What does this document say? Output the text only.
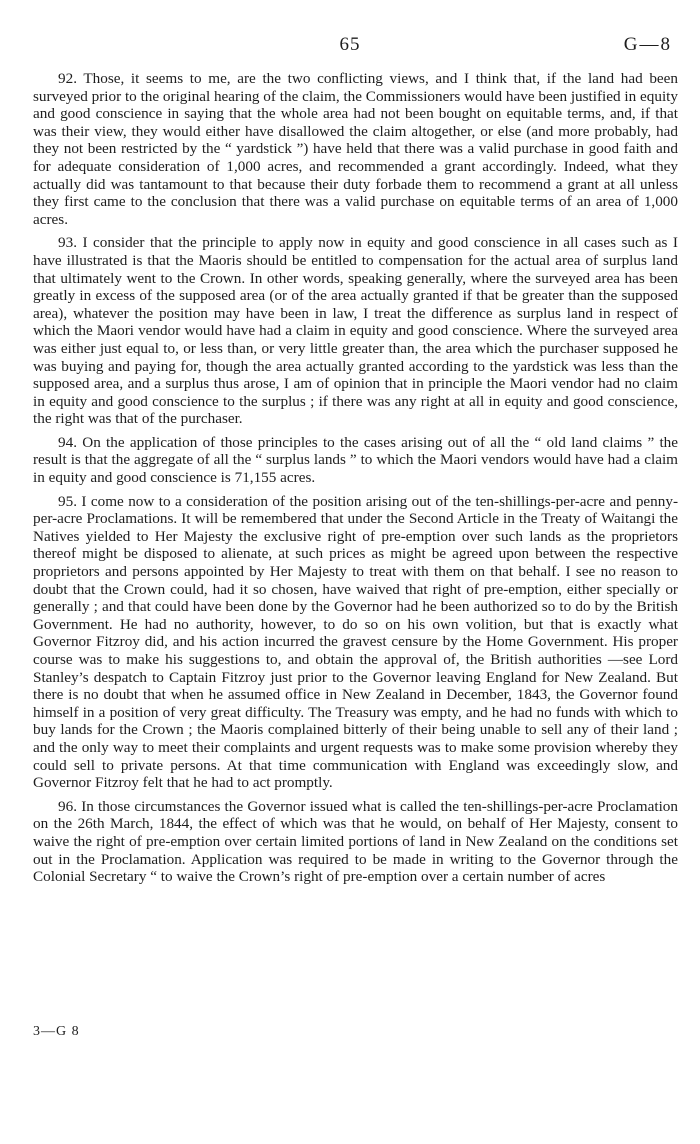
65	G—8

92. Those, it seems to me, are the two conflicting views, and I think that, if the land had been surveyed prior to the original hearing of the claim, the Commissioners would have been justified in equity and good conscience in saying that the whole area had not been bought on equitable terms, and, if that was their view, they would either have disallowed the claim altogether, or else (and more probably, had they not been restricted by the “ yardstick ”) have held that there was a valid purchase in good faith and for adequate consideration of 1,000 acres, and recommended a grant accordingly. Indeed, what they actually did was tantamount to that because their duty forbade them to recommend a grant at all unless they first came to the conclusion that there was a valid purchase on equitable terms of an area of 1,000 acres.

93. I consider that the principle to apply now in equity and good conscience in all cases such as I have illustrated is that the Maoris should be entitled to compensation for the actual area of surplus land that ultimately went to the Crown. In other words, speaking generally, where the surveyed area has been greatly in excess of the supposed area (or of the area actually granted if that be greater than the supposed area), whatever the position may have been in law, I treat the difference as surplus land in respect of which the Maori vendor would have had a claim in equity and good conscience. Where the surveyed area was either just equal to, or less than, or very little greater than, the area which the purchaser supposed he was buying and paying for, though the area actually granted according to the yardstick was less than the supposed area, and a surplus thus arose, I am of opinion that in principle the Maori vendor had no claim in equity and good conscience to the surplus ; if there was any right at all in equity and good conscience, the right was that of the purchaser.

94. On the application of those principles to the cases arising out of all the “ old land claims ” the result is that the aggregate of all the “ surplus lands ” to which the Maori vendors would have had a claim in equity and good conscience is 71,155 acres.

95. I come now to a consideration of the position arising out of the ten-shillings-per-acre and penny-per-acre Proclamations. It will be remembered that under the Second Article in the Treaty of Waitangi the Natives yielded to Her Majesty the exclusive right of pre-emption over such lands as the proprietors thereof might be disposed to alienate, at such prices as might be agreed upon between the respective proprietors and persons appointed by Her Majesty to treat with them on that behalf. I see no reason to doubt that the Crown could, had it so chosen, have waived that right of pre-emption, either specially or generally ; and that could have been done by the Governor had he been authorized so to do by the British Government. He had no authority, however, to do so on his own volition, but that is exactly what Governor Fitzroy did, and his action incurred the gravest censure by the Home Government. His proper course was to make his suggestions to, and obtain the approval of, the British authorities —see Lord Stanley’s despatch to Captain Fitzroy just prior to the Governor leaving England for New Zealand. But there is no doubt that when he assumed office in New Zealand in December, 1843, the Governor found himself in a position of very great difficulty. The Treasury was empty, and he had no funds with which to buy lands for the Crown ; the Maoris complained bitterly of their being unable to sell any of their land ; and the only way to meet their complaints and urgent requests was to make some provision whereby they could sell to private persons. At that time communication with England was exceedingly slow, and Governor Fitzroy felt that he had to act promptly.

96. In those circumstances the Governor issued what is called the ten-shillings-per-acre Proclamation on the 26th March, 1844, the effect of which was that he would, on behalf of Her Majesty, consent to waive the right of pre-emption over certain limited portions of land in New Zealand on the conditions set out in the Proclamation. Application was required to be made in writing to the Governor through the Colonial Secretary “ to waive the Crown’s right of pre-emption over a certain number of acres

3—G 8
